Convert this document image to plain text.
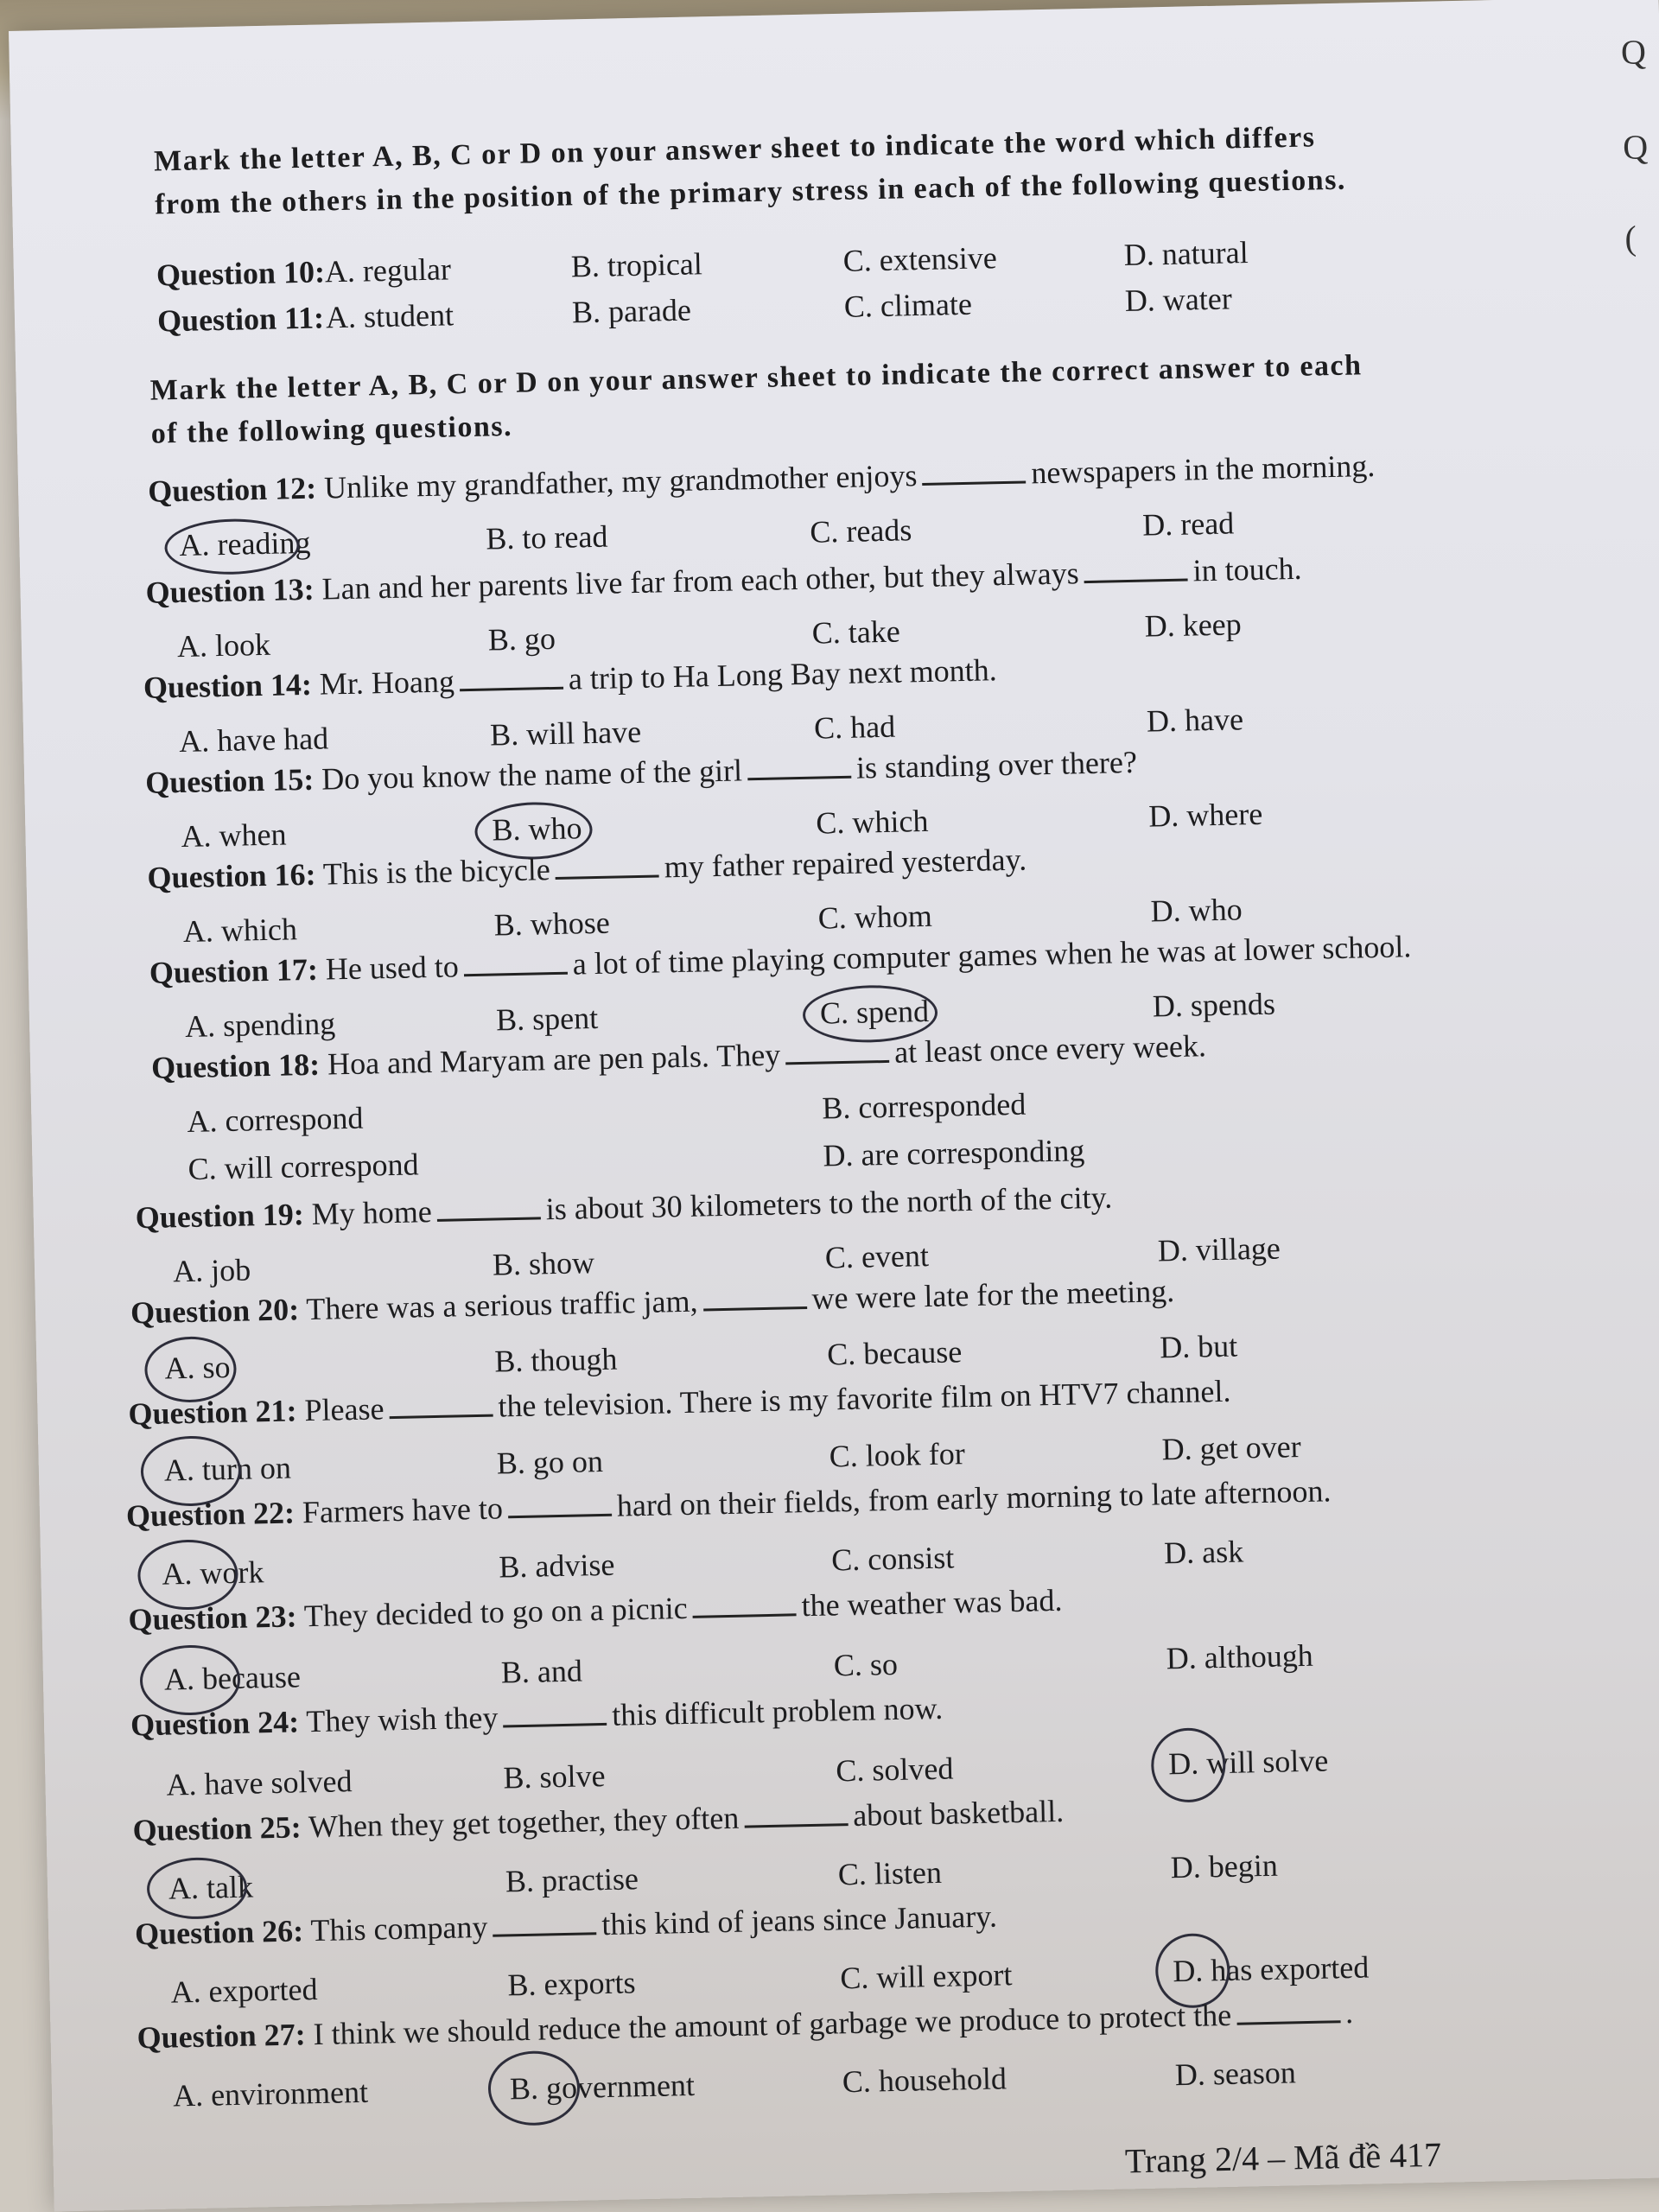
Q
Q
(
Mark the letter A, B, C or D on your answer sheet to indicate the word which differs from the others in the position of the primary stress in each of the following questions.
Question 10: A. regular	B. tropical	C. extensive	D. natural
Question 11: A. student	B. parade	C. climate	D. water
Mark the letter A, B, C or D on your answer sheet to indicate the correct answer to each of the following questions.
Question 12: Unlike my grandfather, my grandmother enjoys	newspapers in the morning.
A. reading	B. to read	C. reads	D. read
Question 13: Lan and her parents live far from each other, but they always	in touch.
A. look	B. go	C. take	D. keep
Question 14: Mr. Hoang	a trip to Ha Long Bay next month.
A. have had	B. will have	C. had	D. have
Question 15: Do you know the name of the girl	is standing over there?
A. when	B. who	C. which	D. where
Question 16: This is the bicycle	my father repaired yesterday.
A. which	B. whose	C. whom	D. who
Question 17: He used to	a lot of time playing computer games when he was at lower school.
A. spending	B. spent	C. spend	D. spends
Question 18: Hoa and Maryam are pen pals. They	at least once every week.
A. correspond	B. corresponded
C. will correspond	D. are corresponding
Question 19: My home	is about 30 kilometers to the north of the city.
A. job	B. show	C. event	D. village
Question 20: There was a serious traffic jam,	we were late for the meeting.
A. so	B. though	C. because	D. but
Question 21: Please	the television. There is my favorite film on HTV7 channel.
A. turn on	B. go on	C. look for	D. get over
Question 22: Farmers have to	hard on their fields, from early morning to late afternoon.
A. work	B. advise	C. consist	D. ask
Question 23: They decided to go on a picnic	the weather was bad.
A. because	B. and	C. so	D. although
Question 24: They wish they	this difficult problem now.
A. have solved	B. solve	C. solved	D. will solve
Question 25: When they get together, they often	about basketball.
A. talk	B. practise	C. listen	D. begin
Question 26: This company	this kind of jeans since January.
A. exported	B. exports	C. will export	D. has exported
Question 27: I think we should reduce the amount of garbage we produce to protect the	.
A. environment	B. government	C. household	D. season
Trang 2/4 – Mã đề 417
